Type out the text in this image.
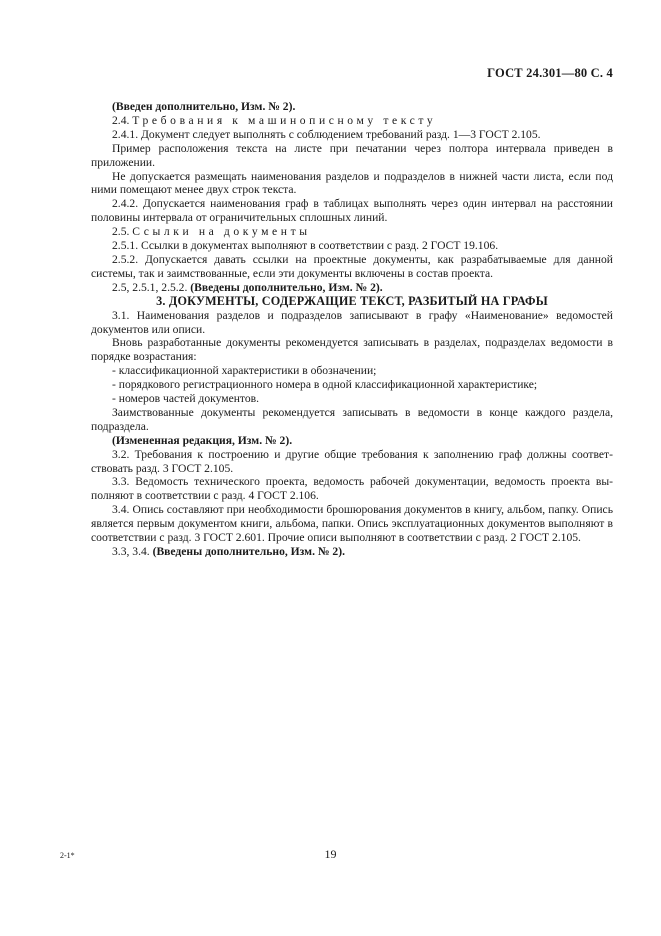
ГОСТ 24.301—80 С. 4

(Введен дополнительно, Изм. № 2).

2.4. Требования к машинописному тексту

2.4.1. Документ следует выполнять с соблюдением требований разд. 1—3 ГОСТ 2.105.

Пример расположения текста на листе при печатании через полтора интервала приведен в приложении.

Не допускается размещать наименования разделов и подразделов в нижней части листа, если под ними помещают менее двух строк текста.

2.4.2. Допускается наименования граф в таблицах выполнять через один интервал на расстоянии половины интервала от ограничительных сплошных линий.

2.5. Ссылки на документы

2.5.1. Ссылки в документах выполняют в соответствии с разд. 2 ГОСТ 19.106.

2.5.2. Допускается давать ссылки на проектные документы, как разрабатываемые для данной системы, так и заимствованные, если эти документы включены в состав проекта.

2.5, 2.5.1, 2.5.2. (Введены дополнительно, Изм. № 2).

3. ДОКУМЕНТЫ, СОДЕРЖАЩИЕ ТЕКСТ, РАЗБИТЫЙ НА ГРАФЫ

3.1. Наименования разделов и подразделов записывают в графу «Наименование» ведомостей документов или описи.

Вновь разработанные документы рекомендуется записывать в разделах, подразделах ведомости в порядке возрастания:

- классификационной характеристики в обозначении;

- порядкового регистрационного номера в одной классификационной характеристике;

- номеров частей документов.

Заимствованные документы рекомендуется записывать в ведомости в конце каждого раздела, подраздела.

(Измененная редакция, Изм. № 2).

3.2. Требования к построению и другие общие требования к заполнению граф должны соответствовать разд. 3 ГОСТ 2.105.

3.3. Ведомость технического проекта, ведомость рабочей документации, ведомость проекта выполняют в соответствии с разд. 4 ГОСТ 2.106.

3.4. Опись составляют при необходимости брошюрования документов в книгу, альбом, папку. Опись является первым документом книги, альбома, папки. Опись эксплуатационных документов выполняют в соответствии с разд. 3 ГОСТ 2.601. Прочие описи выполняют в соответствии с разд. 2 ГОСТ 2.105.

3.3, 3.4. (Введены дополнительно, Изм. № 2).

2-1*	19
